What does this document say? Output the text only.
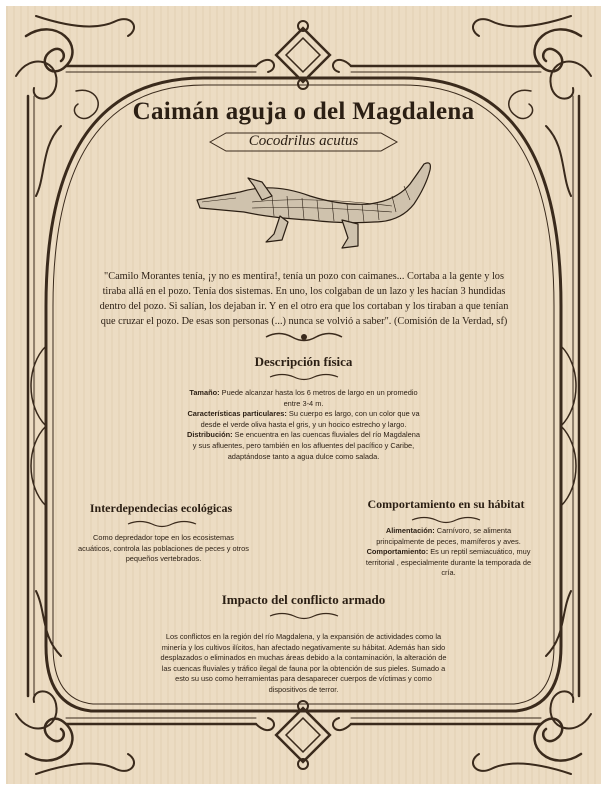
Caimán aguja o del Magdalena
Cocodrilus acutus
"Camilo Morantes tenía, ¡y no es mentira!, tenía un pozo con caimanes... Cortaba a la gente y los tiraba allá en el pozo. Tenía dos sistemas. En uno, los colgaban de un lazo y les hacían 3 hundidas dentro del pozo. Si salían, los dejaban ir. Y en el otro era que los cortaban y los tiraban a que tenían que cruzar el pozo. De esas son personas (...) nunca se volvió a saber". (Comisión de la Verdad, sf)
Descripción física
Tamaño: Puede alcanzar hasta los 6 metros de largo en un promedio entre 3-4 m.
Características particulares: Su cuerpo es largo, con un color que va desde el verde oliva hasta el gris, y un hocico estrecho y largo.
Distribución: Se encuentra en las cuencas fluviales del río Magdalena y sus afluentes, pero también en los afluentes del pacífico y Caribe, adaptándose tanto a agua dulce como salada.
Interdependecias ecológicas
Como depredador tope en los ecosistemas acuáticos, controla las poblaciones de peces y otros pequeños vertebrados.
Comportamiento en su hábitat
Alimentación: Carnívoro, se alimenta principalmente de peces, mamíferos y aves.
Comportamiento: Es un reptil semiacuático, muy territorial , especialmente durante la temporada de cría.
Impacto del conflicto armado
Los conflictos en la región del río Magdalena, y la expansión de actividades como la minería y los cultivos ilícitos, han afectado negativamente su hábitat. Además han sido desplazados o eliminados en muchas áreas debido a la contaminación, la alteración de las cuencas fluviales y tráfico ilegal de fauna por la obtención de sus pieles. Sumado a esto su uso como herramientas para desaparecer cuerpos de víctimas y como dispositivos de terror.
